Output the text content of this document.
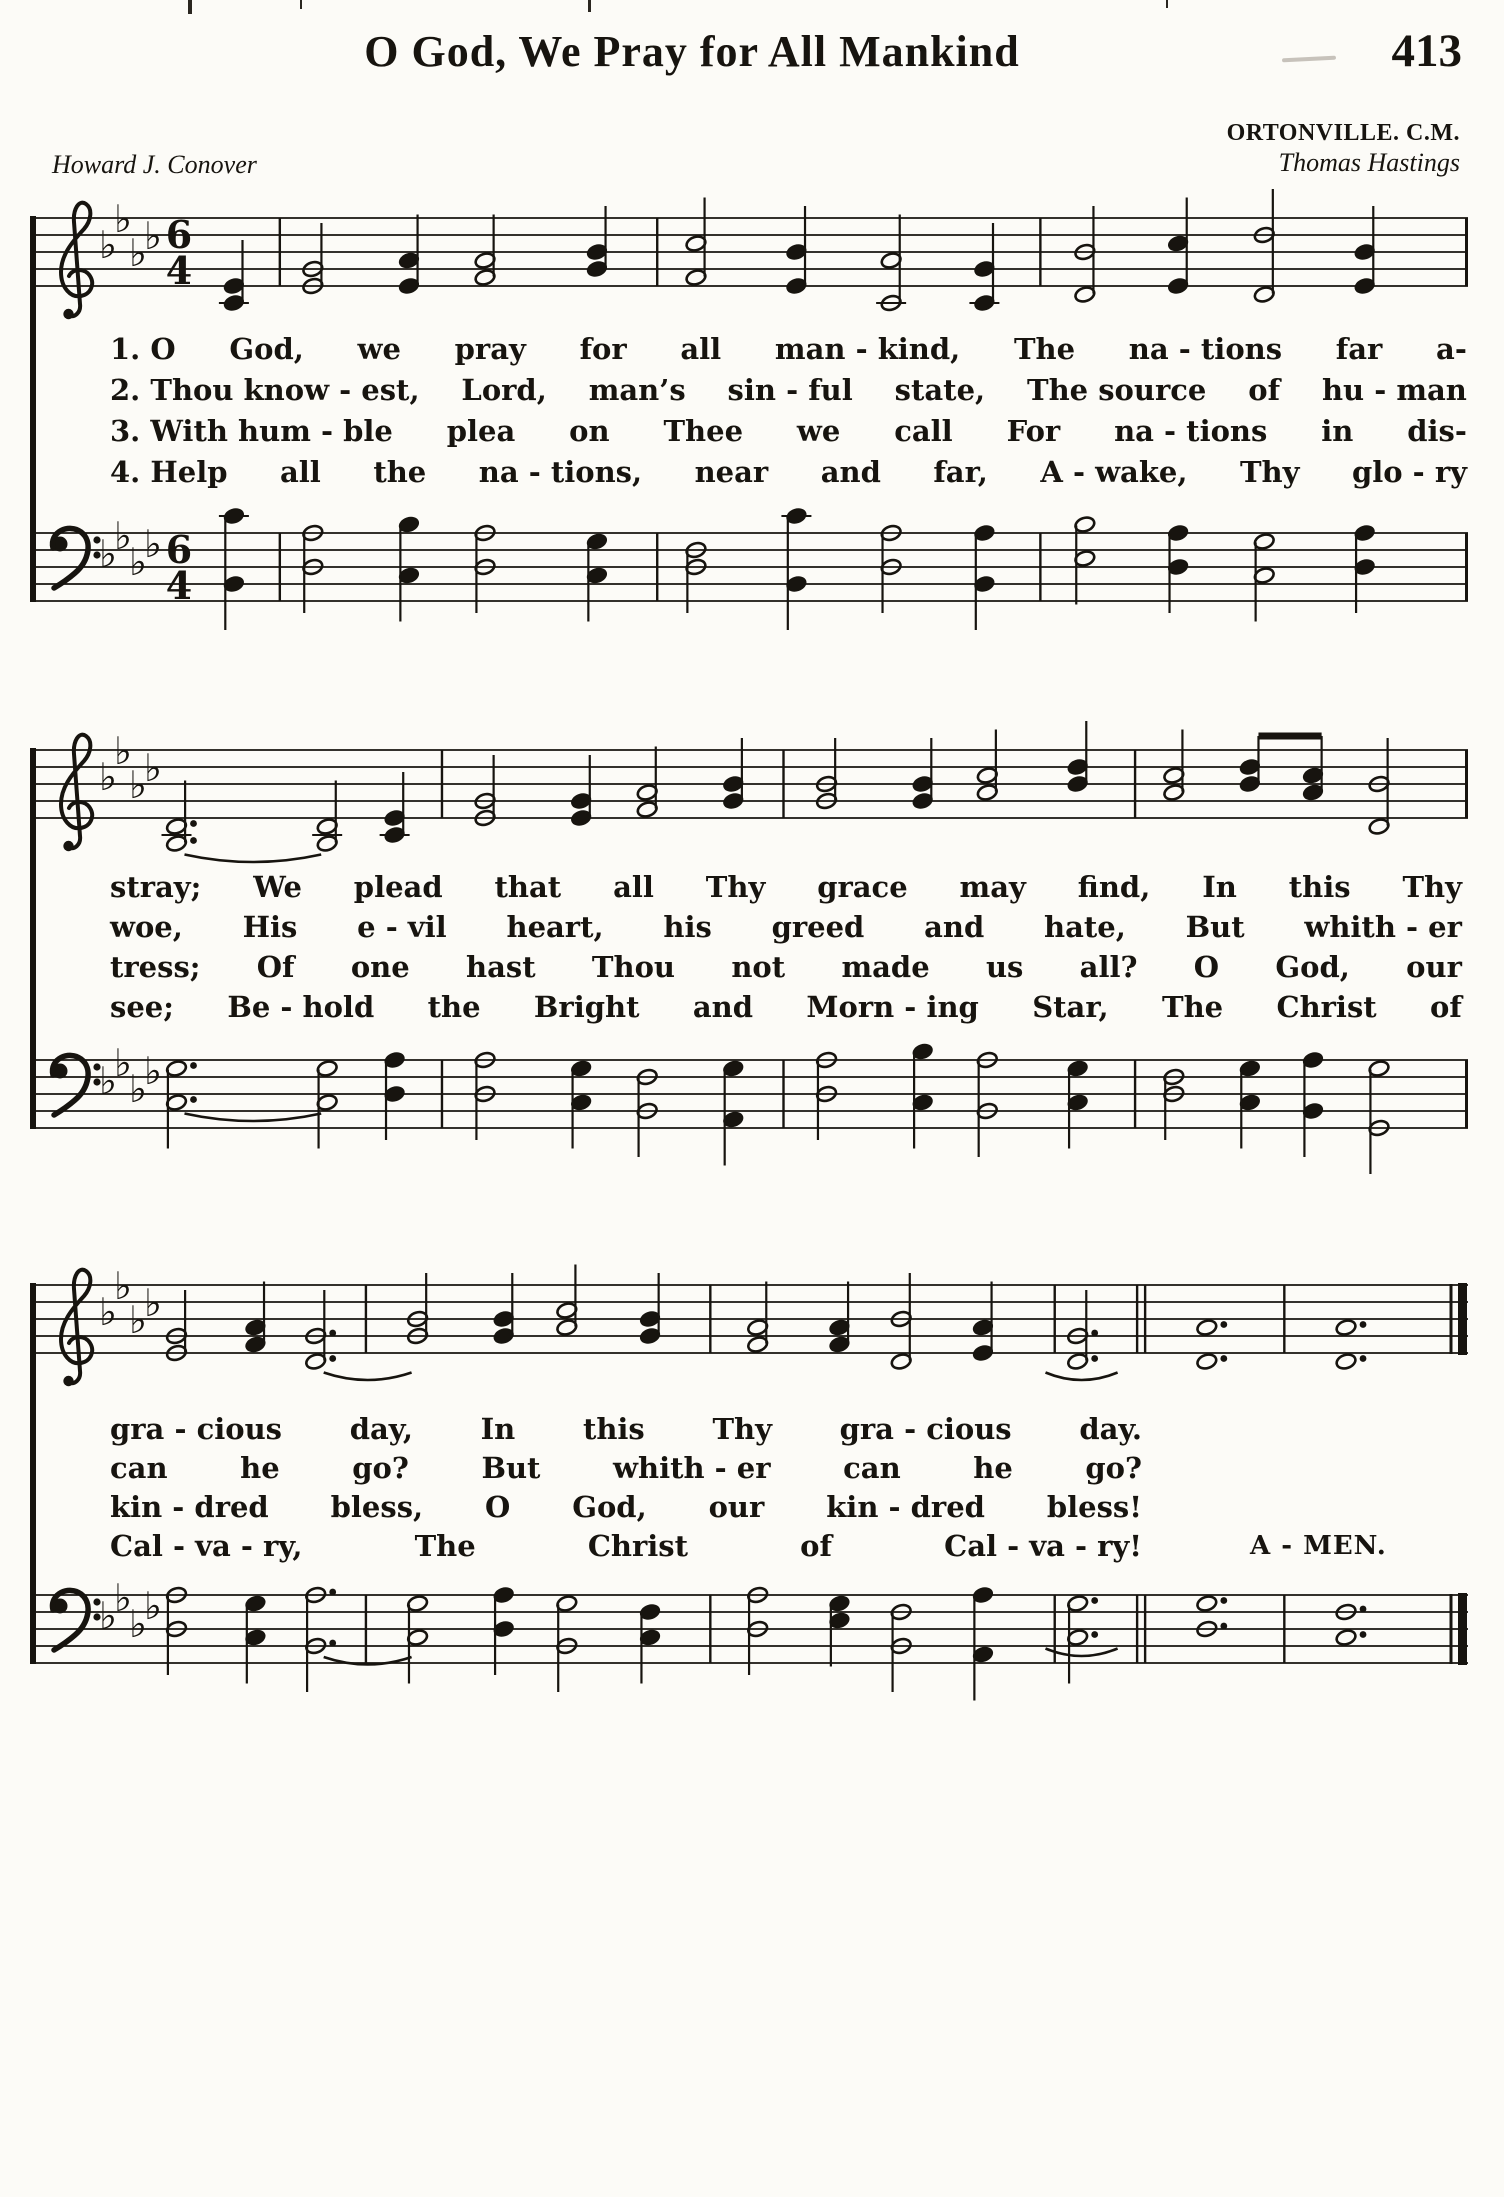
O God, We Pray for All Mankind	413
ORTONVILLE. C.M.
Thomas Hastings
Howard J. Conover
♭
♭
♭
♭ 6
4
1. O God, we pray for all man - kind, The na - tions far a-
2. Thou know - est, Lord, man’s sin - ful state, The source of hu - man
3. With hum - ble plea on Thee we call For na - tions in dis-
4. Help all the na - tions, near and far, A - wake, Thy glo - ry
♭
♭
♭
♭ 6
4
♭
♭
♭
♭
stray; We plead that all Thy grace may find, In this Thy
woe, His e - vil heart, his greed and hate, But whith - er
tress; Of one hast Thou not made us all? O God, our
see; Be - hold the Bright and Morn - ing Star, The Christ of
♭
♭
♭
♭
♭
♭
♭
♭
gra - cious day, In this Thy gra - cious day.
can	he	go?	But	whith - er	can	he	go?
kin - dred bless, O God, our kin - dred bless!
Cal - va - ry,	The	Christ	of	Cal - va - ry!	A - MEN.
♭
♭
♭
♭
